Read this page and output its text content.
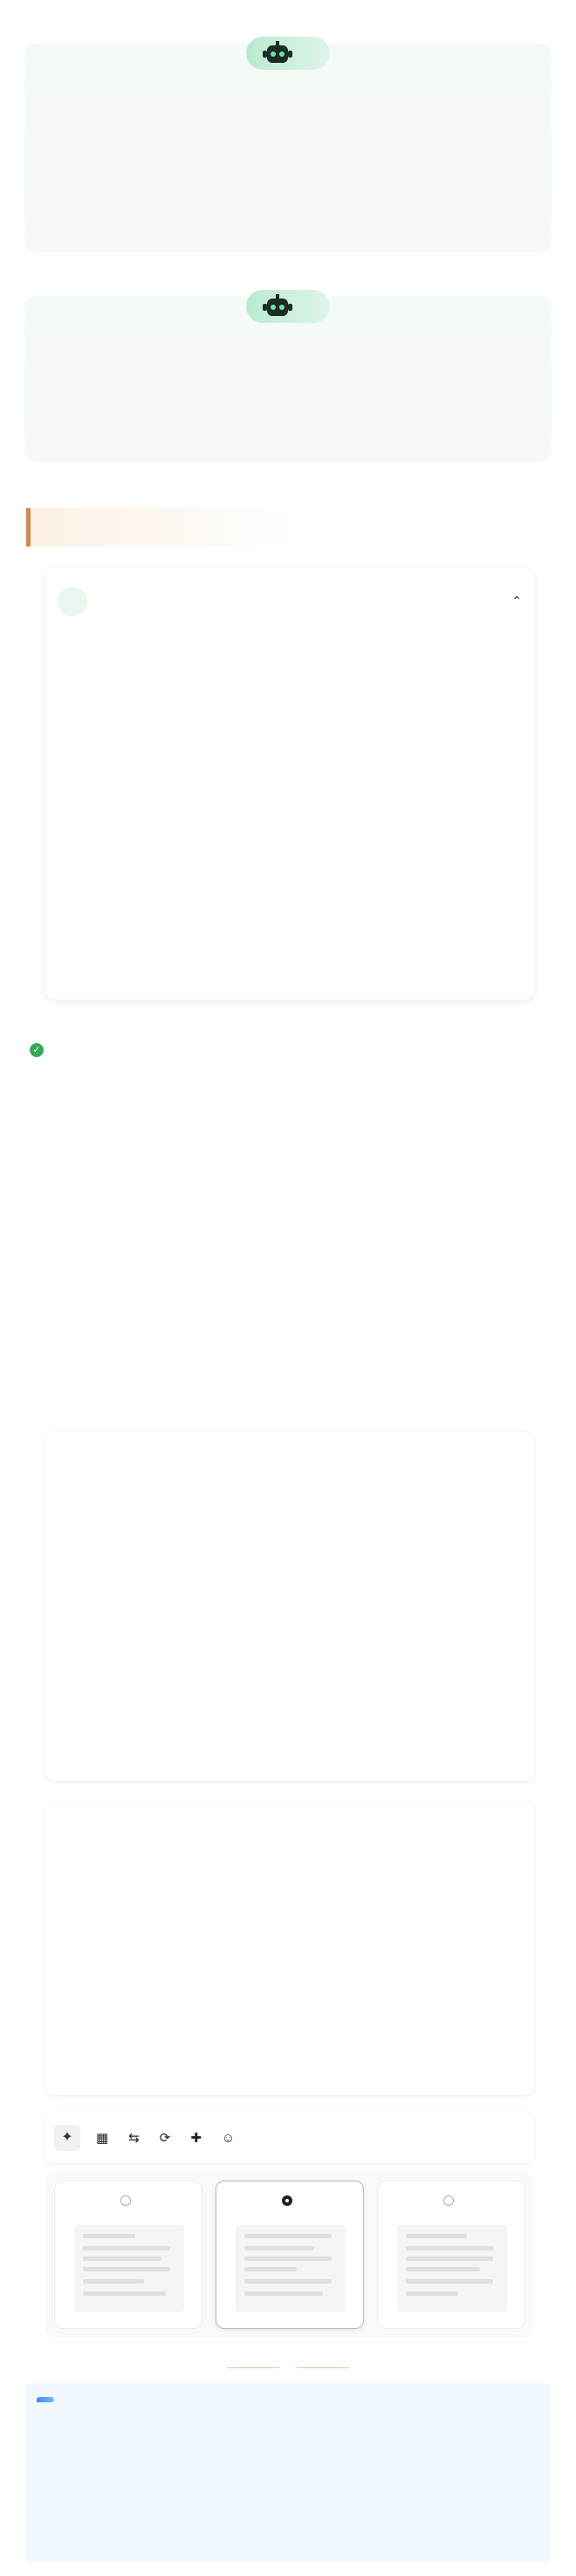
⌃
✓
✦	▦ ⇆ ⟳ ✚ ☺
